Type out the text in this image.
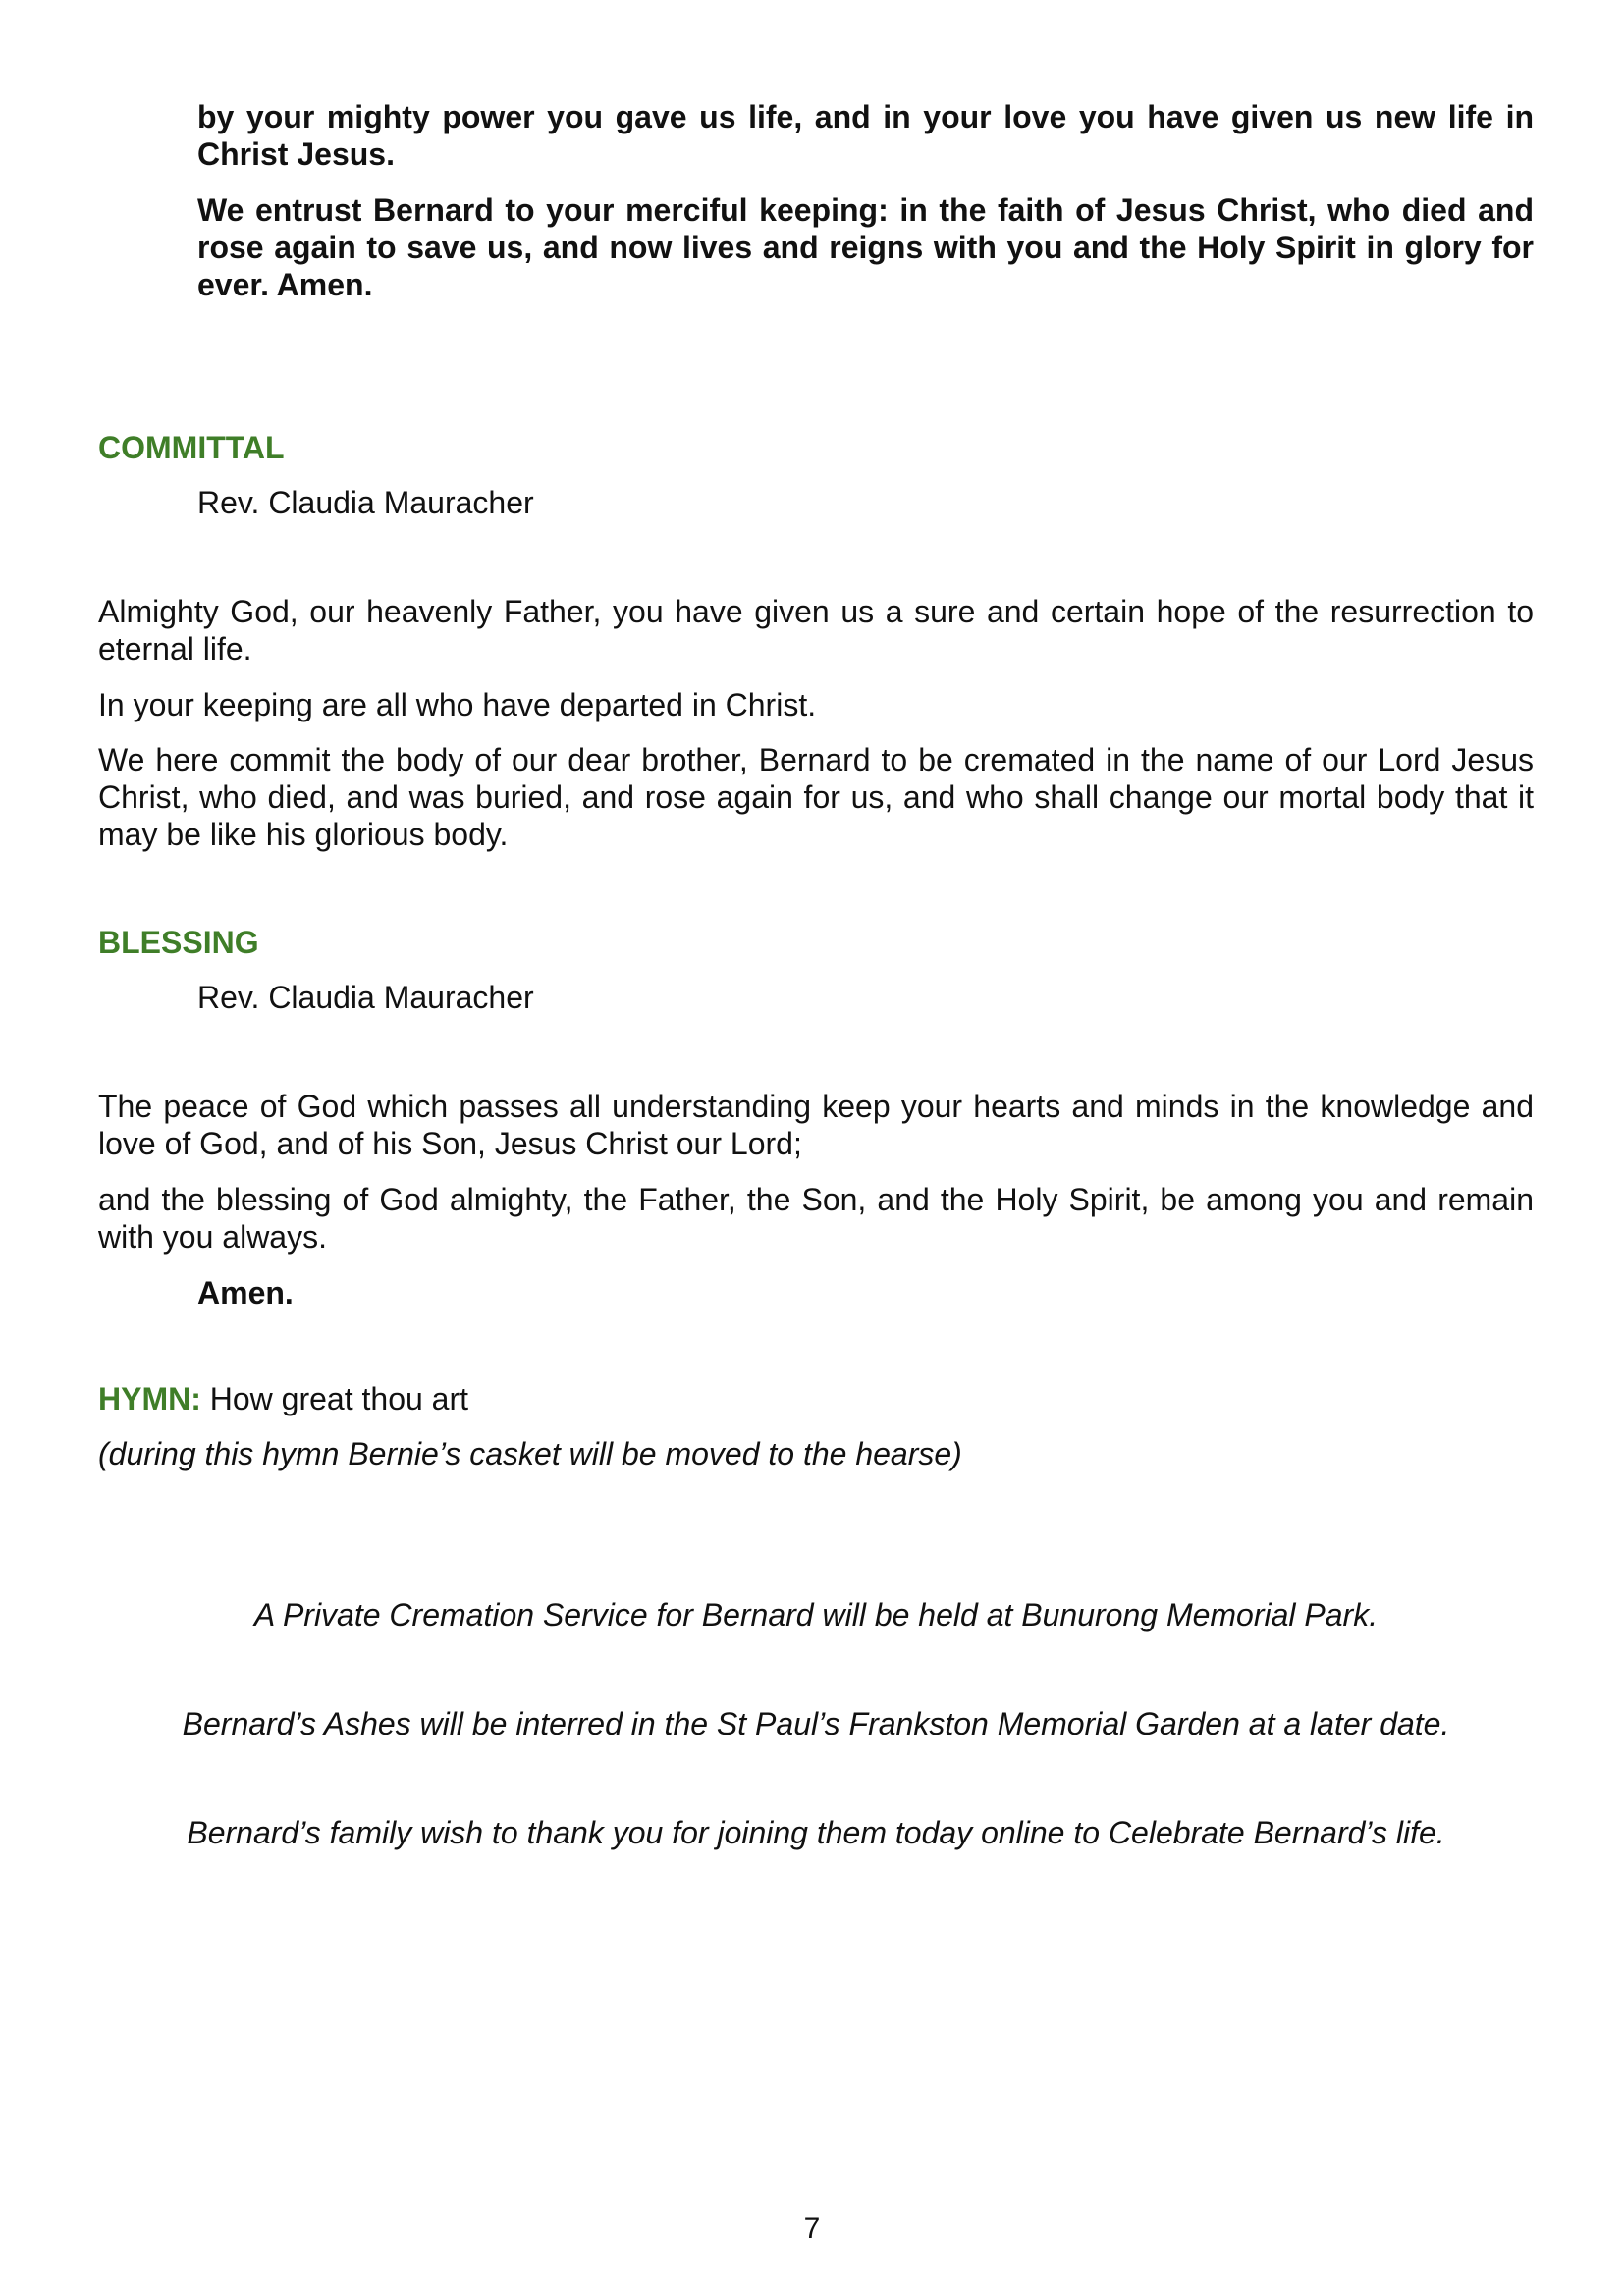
by your mighty power you gave us life, and in your love you have given us new life in Christ Jesus.

We entrust Bernard to your merciful keeping: in the faith of Jesus Christ, who died and rose again to save us, and now lives and reigns with you and the Holy Spirit in glory for ever. Amen.

COMMITTAL

Rev. Claudia Mauracher

Almighty God, our heavenly Father, you have given us a sure and certain hope of the resurrection to eternal life.

In your keeping are all who have departed in Christ.

We here commit the body of our dear brother, Bernard to be cremated in the name of our Lord Jesus Christ, who died, and was buried, and rose again for us, and who shall change our mortal body that it may be like his glorious body.

BLESSING

Rev. Claudia Mauracher

The peace of God which passes all understanding keep your hearts and minds in the knowledge and love of God, and of his Son, Jesus Christ our Lord;

and the blessing of God almighty, the Father, the Son, and the Holy Spirit, be among you and remain with you always.

Amen.

HYMN: How great thou art

(during this hymn Bernie’s casket will be moved to the hearse)

A Private Cremation Service for Bernard will be held at Bunurong Memorial Park.

Bernard’s Ashes will be interred in the St Paul’s Frankston Memorial Garden at a later date.

Bernard’s family wish to thank you for joining them today online to Celebrate Bernard’s life.

7
